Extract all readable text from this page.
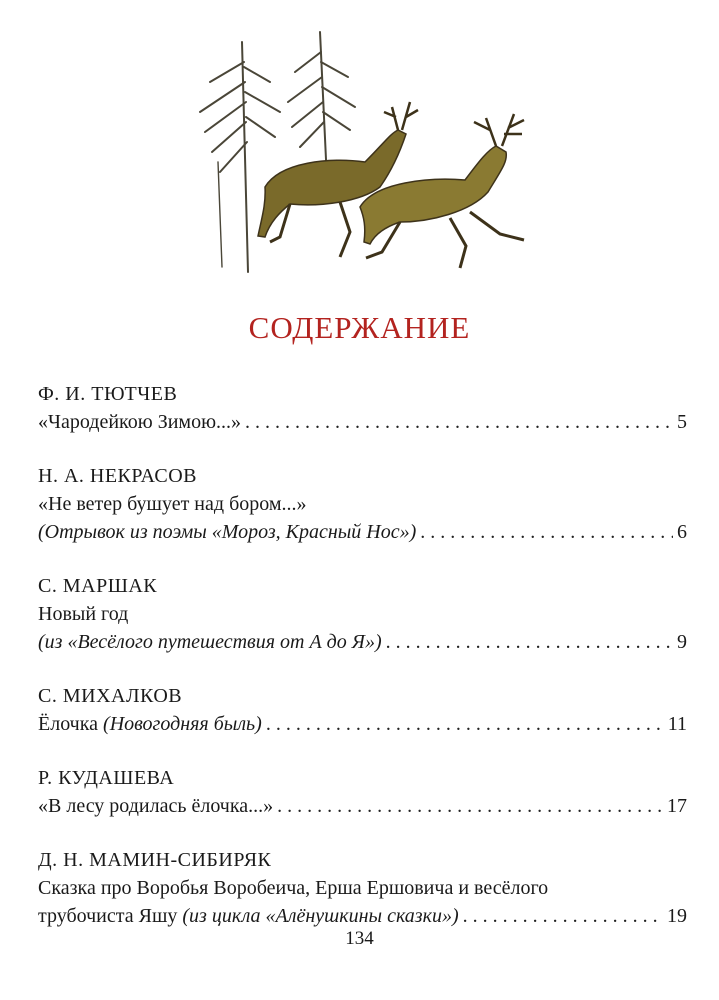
СОДЕРЖАНИЕ
Ф. И. ТЮТЧЕВ
«Чародейкою Зимою...» . . .	5
Н. А. НЕКРАСОВ
«Не ветер бушует над бором...»
(Отрывок из поэмы «Мороз, Красный Нос») . . .	6
С. МАРШАК
Новый год
(из «Весёлого путешествия от А до Я») . . .	9
С. МИХАЛКОВ
Ёлочка (Новогодняя быль) . . .	11
Р. КУДАШЕВА
«В лесу родилась ёлочка...» . . .	17
Д. Н. МАМИН-СИБИРЯК
Сказка про Воробья Воробеича, Ерша Ершовича и весёлого
трубочиста Яшу (из цикла «Алёнушкины сказки») . . .	19
134
